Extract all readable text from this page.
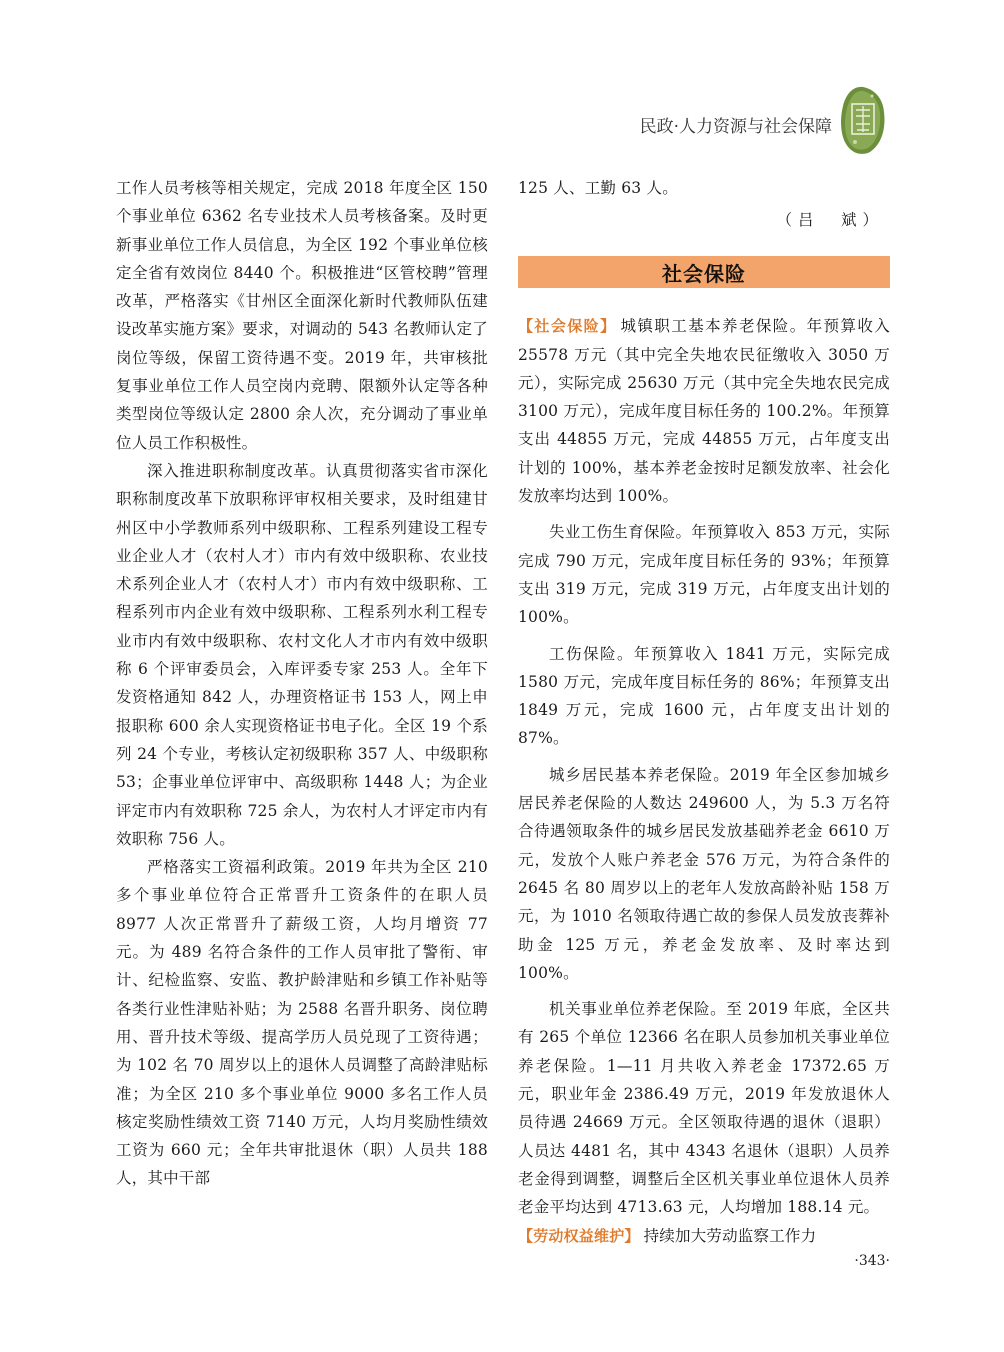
民政·人力资源与社会保障

工作人员考核等相关规定，完成 2018 年度全区 150 个事业单位 6362 名专业技术人员考核备案。及时更新事业单位工作人员信息，为全区 192 个事业单位核定全省有效岗位 8440 个。积极推进“区管校聘”管理改革，严格落实《甘州区全面深化新时代教师队伍建设改革实施方案》要求，对调动的 543 名教师认定了岗位等级，保留工资待遇不变。2019 年，共审核批复事业单位工作人员空岗内竞聘、限额外认定等各种类型岗位等级认定 2800 余人次，充分调动了事业单位人员工作积极性。

深入推进职称制度改革。认真贯彻落实省市深化职称制度改革下放职称评审权相关要求，及时组建甘州区中小学教师系列中级职称、工程系列建设工程专业企业人才（农村人才）市内有效中级职称、农业技术系列企业人才（农村人才）市内有效中级职称、工程系列市内企业有效中级职称、工程系列水利工程专业市内有效中级职称、农村文化人才市内有效中级职称 6 个评审委员会，入库评委专家 253 人。全年下发资格通知 842 人，办理资格证书 153 人，网上申报职称 600 余人实现资格证书电子化。全区 19 个系列 24 个专业，考核认定初级职称 357 人、中级职称 53；企事业单位评审中、高级职称 1448 人；为企业评定市内有效职称 725 余人，为农村人才评定市内有效职称 756 人。

严格落实工资福利政策。2019 年共为全区 210 多个事业单位符合正常晋升工资条件的在职人员 8977 人次正常晋升了薪级工资，人均月增资 77 元。为 489 名符合条件的工作人员审批了警衔、审计、纪检监察、安监、教护龄津贴和乡镇工作补贴等各类行业性津贴补贴；为 2588 名晋升职务、岗位聘用、晋升技术等级、提高学历人员兑现了工资待遇；为 102 名 70 周岁以上的退休人员调整了高龄津贴标准；为全区 210 多个事业单位 9000 多名工作人员核定奖励性绩效工资 7140 万元，人均月奖励性绩效工资为 660 元；全年共审批退休（职）人员共 188 人，其中干部

125 人、工勤 63 人。

（吕　斌）
社会保险

【社会保险】 城镇职工基本养老保险。年预算收入 25578 万元（其中完全失地农民征缴收入 3050 万元），实际完成 25630 万元（其中完全失地农民完成 3100 万元），完成年度目标任务的 100.2%。年预算支出 44855 万元，完成 44855 万元，占年度支出计划的 100%，基本养老金按时足额发放率、社会化发放率均达到 100%。

失业工伤生育保险。年预算收入 853 万元，实际完成 790 万元，完成年度目标任务的 93%；年预算支出 319 万元，完成 319 万元，占年度支出计划的 100%。

工伤保险。年预算收入 1841 万元，实际完成 1580 万元，完成年度目标任务的 86%；年预算支出 1849 万元，完成 1600 元，占年度支出计划的 87%。

城乡居民基本养老保险。2019 年全区参加城乡居民养老保险的人数达 249600 人，为 5.3 万名符合待遇领取条件的城乡居民发放基础养老金 6610 万元，发放个人账户养老金 576 万元，为符合条件的 2645 名 80 周岁以上的老年人发放高龄补贴 158 万元，为 1010 名领取待遇亡故的参保人员发放丧葬补助金 125 万元，养老金发放率、及时率达到 100%。

机关事业单位养老保险。至 2019 年底，全区共有 265 个单位 12366 名在职人员参加机关事业单位养老保险。1—11 月共收入养老金 17372.65 万元，职业年金 2386.49 万元，2019 年发放退休人员待遇 24669 万元。全区领取待遇的退休（退职）人员达 4481 名，其中 4343 名退休（退职）人员养老金得到调整，调整后全区机关事业单位退休人员养老金平均达到 4713.63 元，人均增加 188.14 元。

【劳动权益维护】 持续加大劳动监察工作力

·343·
